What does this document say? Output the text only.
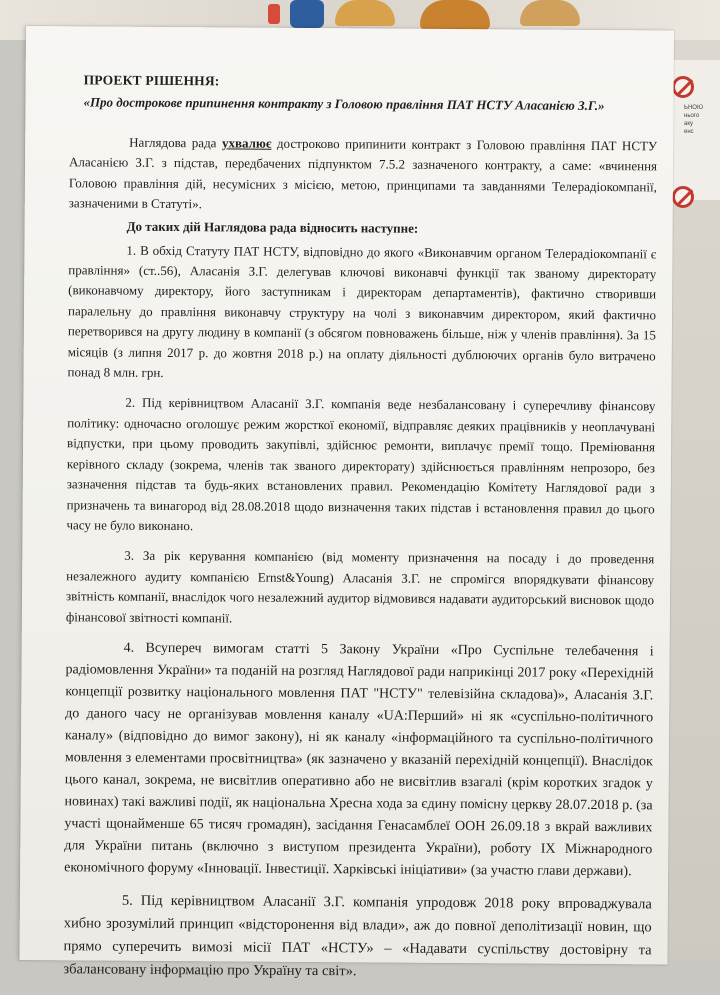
ЬНОЮ
нього
аку
енс
ПРОЕКТ РІШЕННЯ:
«Про дострокове припинення контракту з Головою правління ПАТ НСТУ Аласанією З.Г.»

Наглядова рада ухвалює достроково припинити контракт з Головою правління ПАТ НСТУ Аласанією З.Г. з підстав, передбачених підпунктом 7.5.2 зазначеного контракту, а саме: «вчинення Головою правління дій, несумісних з місією, метою, принципами та завданнями Телерадіокомпанії, зазначеними в Статуті».

До таких дій Наглядова рада відносить наступне:

1. В обхід Статуту ПАТ НСТУ, відповідно до якого «Виконавчим органом Телерадіокомпанії є правління» (ст..56), Аласанія З.Г. делегував ключові виконавчі функції так званому директорату (виконавчому директору, його заступникам і директорам департаментів), фактично створивши паралельну до правління виконавчу структуру на чолі з виконавчим директором, який фактично перетворився на другу людину в компанії (з обсягом повноважень більше, ніж у членів правління). За 15 місяців (з липня 2017 р. до жовтня 2018 р.) на оплату діяльності дублюючих органів було витрачено понад 8 млн. грн.

2. Під керівництвом Аласанії З.Г. компанія веде незбалансовану і суперечливу фінансову політику: одночасно оголошує режим жорсткої економії, відправляє деяких працівників у неоплачувані відпустки, при цьому проводить закупівлі, здійснює ремонти, виплачує премії тощо. Преміювання керівного складу (зокрема, членів так званого директорату) здійснюється правлінням непрозоро, без зазначення підстав та будь-яких встановлених правил. Рекомендацію Комітету Наглядової ради з призначень та винагород від 28.08.2018 щодо визначення таких підстав і встановлення правил до цього часу не було виконано.

3. За рік керування компанією (від моменту призначення на посаду і до проведення незалежного аудиту компанією Ernst&Young) Аласанія З.Г. не спромігся впорядкувати фінансову звітність компанії, внаслідок чого незалежний аудитор відмовився надавати аудиторський висновок щодо фінансової звітності компанії.

4. Всупереч вимогам статті 5 Закону України «Про Суспільне телебачення і радіомовлення України» та поданій на розгляд Наглядової ради наприкінці 2017 року «Перехідній концепції розвитку національного мовлення ПАТ "НСТУ" телевізійна складова)», Аласанія З.Г. до даного часу не організував мовлення каналу «UA:Перший» ні як «суспільно-політичного каналу» (відповідно до вимог закону), ні як каналу «інформаційного та суспільно-політичного мовлення з елементами просвітництва» (як зазначено у вказаній перехідній концепції). Внаслідок цього канал, зокрема, не висвітлив оперативно або не висвітлив взагалі (крім коротких згадок у новинах) такі важливі події, як національна Хресна хода за єдину помісну церкву 28.07.2018 р. (за участі щонайменше 65 тисяч громадян), засідання Генасамблеї ООН 26.09.18 з вкрай важливих для України питань (включно з виступом президента України), роботу IX Міжнародного економічного форуму «Інновації. Інвестиції. Харківські ініціативи» (за участю глави держави).

5. Під керівництвом Аласанії З.Г. компанія упродовж 2018 року впроваджувала хибно зрозумілий принцип «відсторонення від влади», аж до повної деполітизації новин, що прямо суперечить вимозі місії ПАТ «НСТУ» – «Надавати суспільству достовірну та збалансовану інформацію про Україну та світ».
